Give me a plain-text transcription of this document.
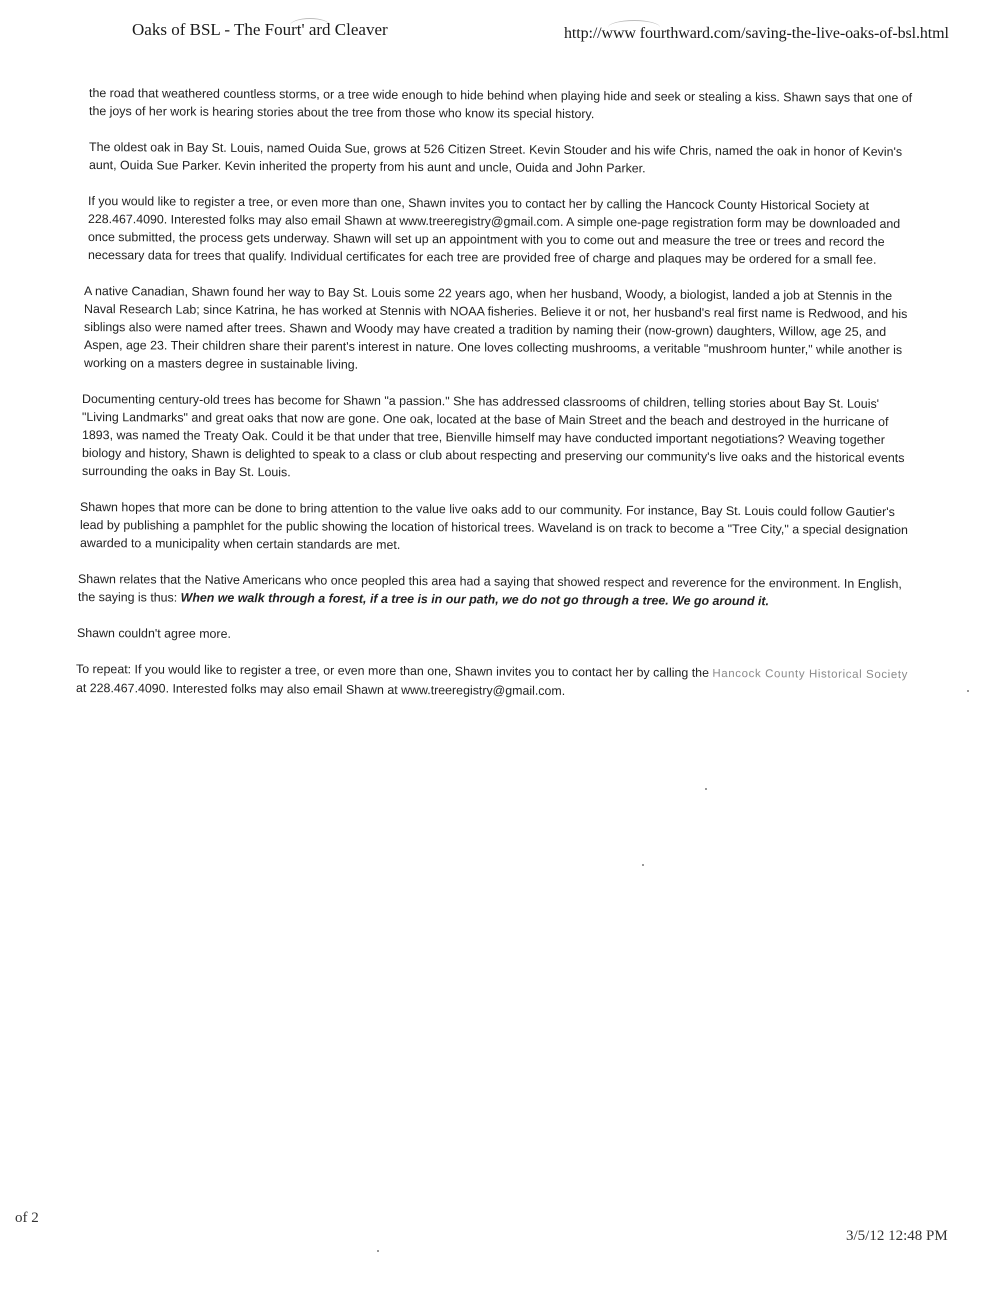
Oaks of BSL - The Fourt' ard Cleaver	http://www fourthward.com/saving-the-live-oaks-of-bsl.html

the road that weathered countless storms, or a tree wide enough to hide behind when playing hide and seek or stealing a kiss. Shawn says that one of the joys of her work is hearing stories about the tree from those who know its special history.

The oldest oak in Bay St. Louis, named Ouida Sue, grows at 526 Citizen Street. Kevin Stouder and his wife Chris, named the oak in honor of Kevin's aunt, Ouida Sue Parker. Kevin inherited the property from his aunt and uncle, Ouida and John Parker.

If you would like to register a tree, or even more than one, Shawn invites you to contact her by calling the Hancock County Historical Society at 228.467.4090. Interested folks may also email Shawn at www.treeregistry@gmail.com. A simple one-page registration form may be downloaded and once submitted, the process gets underway. Shawn will set up an appointment with you to come out and measure the tree or trees and record the necessary data for trees that qualify. Individual certificates for each tree are provided free of charge and plaques may be ordered for a small fee.

A native Canadian, Shawn found her way to Bay St. Louis some 22 years ago, when her husband, Woody, a biologist, landed a job at Stennis in the Naval Research Lab; since Katrina, he has worked at Stennis with NOAA fisheries. Believe it or not, her husband's real first name is Redwood, and his siblings also were named after trees. Shawn and Woody may have created a tradition by naming their (now-grown) daughters, Willow, age 25, and Aspen, age 23. Their children share their parent's interest in nature. One loves collecting mushrooms, a veritable "mushroom hunter," while another is working on a masters degree in sustainable living.

Documenting century-old trees has become for Shawn "a passion." She has addressed classrooms of children, telling stories about Bay St. Louis' "Living Landmarks" and great oaks that now are gone. One oak, located at the base of Main Street and the beach and destroyed in the hurricane of 1893, was named the Treaty Oak. Could it be that under that tree, Bienville himself may have conducted important negotiations? Weaving together biology and history, Shawn is delighted to speak to a class or club about respecting and preserving our community's live oaks and the historical events surrounding the oaks in Bay St. Louis.

Shawn hopes that more can be done to bring attention to the value live oaks add to our community. For instance, Bay St. Louis could follow Gautier's lead by publishing a pamphlet for the public showing the location of historical trees. Waveland is on track to become a "Tree City," a special designation awarded to a municipality when certain standards are met.

Shawn relates that the Native Americans who once peopled this area had a saying that showed respect and reverence for the environment. In English, the saying is thus: When we walk through a forest, if a tree is in our path, we do not go through a tree. We go around it.

Shawn couldn't agree more.

To repeat: If you would like to register a tree, or even more than one, Shawn invites you to contact her by calling the Hancock County Historical Society at 228.467.4090. Interested folks may also email Shawn at www.treeregistry@gmail.com.

of 2
3/5/12 12:48 PM
